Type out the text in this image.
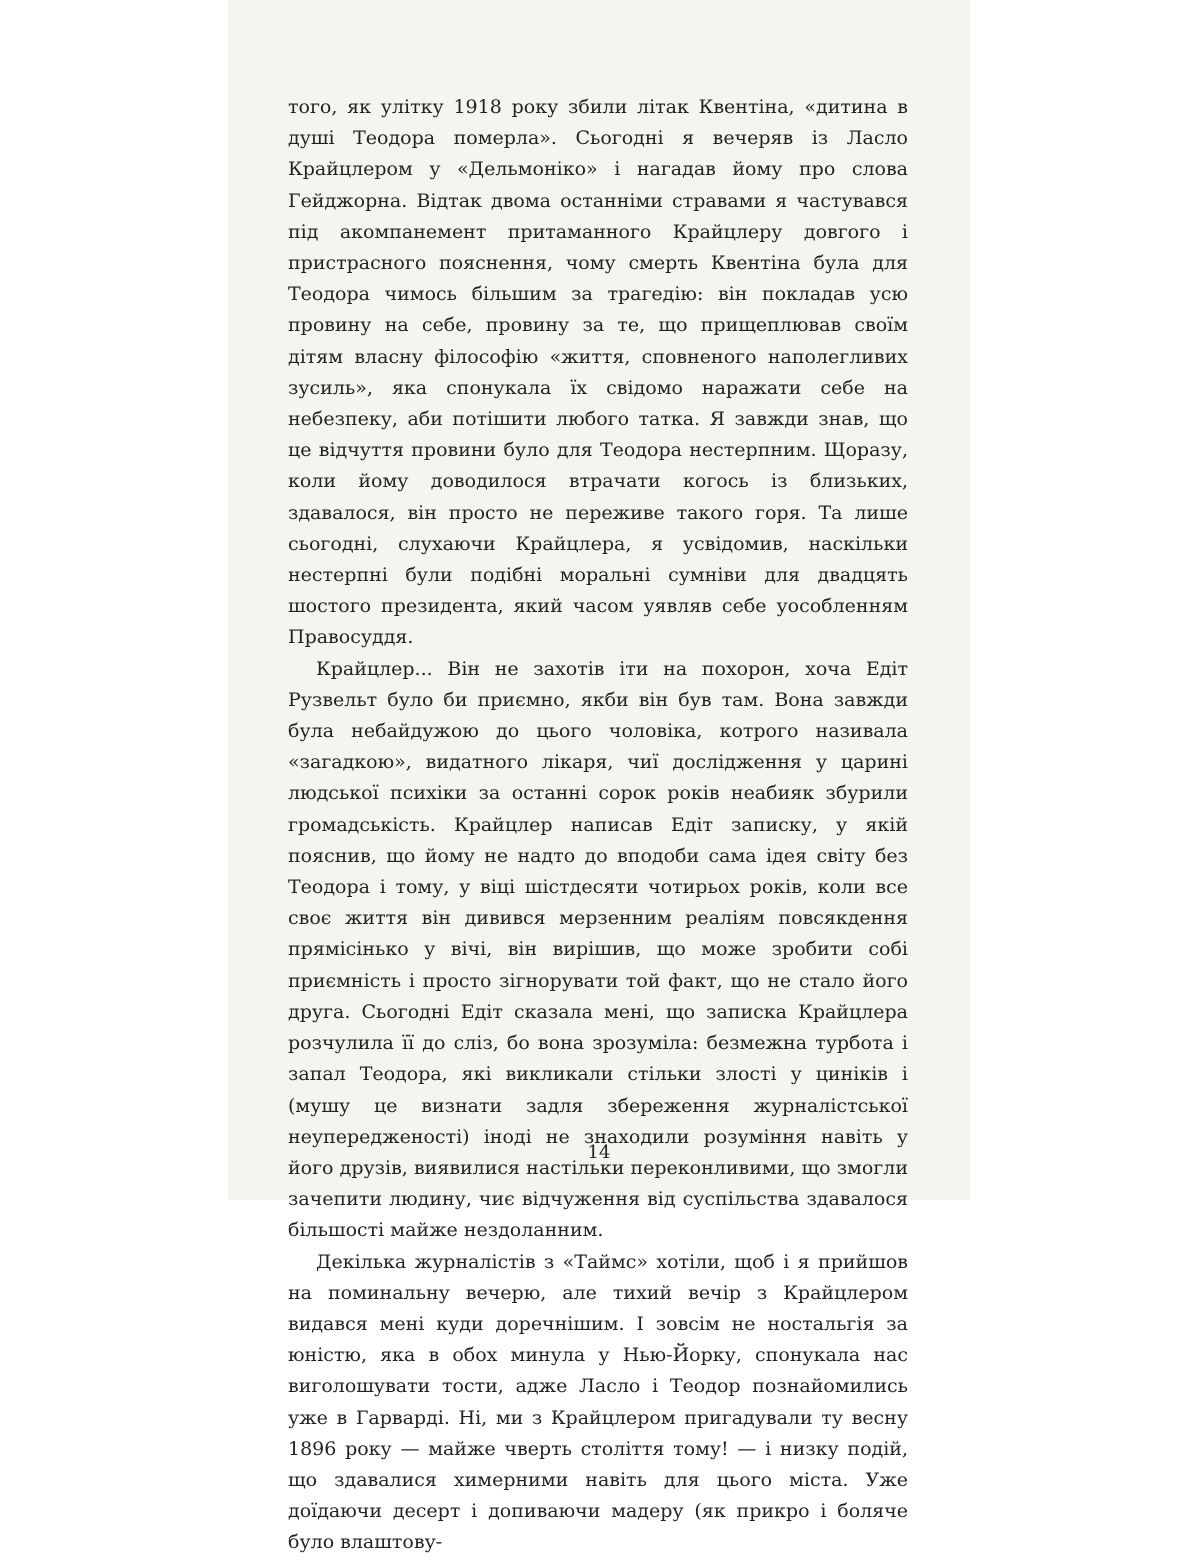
того, як улітку 1918 року збили літак Квентіна, «дитина в душі Теодора померла». Сьогодні я вечеряв із Ласло Крайцлером у «Дельмоніко» і нагадав йому про слова Гейджорна. Відтак двома останніми стравами я частувався під акомпанемент притаманного Крайцлеру довгого і пристрасного пояснення, чому смерть Квентіна була для Теодора чимось більшим за трагедію: він покладав усю провину на себе, провину за те, що прищеплював своїм дітям власну філософію «життя, сповненого наполегливих зусиль», яка спонукала їх свідомо наражати себе на небезпеку, аби потішити любого татка. Я завжди знав, що це відчуття провини було для Теодора нестерпним. Щоразу, коли йому доводилося втрачати когось із близьких, здавалося, він просто не переживе такого горя. Та лише сьогодні, слухаючи Крайцлера, я усвідомив, наскільки нестерпні були подібні моральні сумніви для двадцять шостого президента, який часом уявляв себе уособленням Правосуддя.

Крайцлер... Він не захотів іти на похорон, хоча Едіт Рузвельт було би приємно, якби він був там. Вона завжди була небайдужою до цього чоловіка, котрого називала «загадкою», видатного лікаря, чиї дослідження у царині людської психіки за останні сорок років неабияк збурили громадськість. Крайцлер написав Едіт записку, у якій пояснив, що йому не надто до вподоби сама ідея світу без Теодора і тому, у віці шістдесяти чотирьох років, коли все своє життя він дивився мерзенним реаліям повсякдення прямісінько у вічі, він вирішив, що може зробити собі приємність і просто зігнорувати той факт, що не стало його друга. Сьогодні Едіт сказала мені, що записка Крайцлера розчулила її до сліз, бо вона зрозуміла: безмежна турбота і запал Теодора, які викликали стільки злості у циніків і (мушу це визнати задля збереження журналістської неупередженості) іноді не знаходили розуміння навіть у його друзів, виявилися настільки переконливими, що змогли зачепити людину, чиє відчуження від суспільства здавалося більшості майже нездоланним.

Декілька журналістів з «Таймс» хотіли, щоб і я прийшов на поминальну вечерю, але тихий вечір з Крайцлером видався мені куди доречнішим. І зовсім не ностальгія за юністю, яка в обох минула у Нью-Йорку, спонукала нас виголошувати тости, адже Ласло і Теодор познайомились уже в Гарварді. Ні, ми з Крайцлером пригадували ту весну 1896 року — майже чверть століття тому! — і низку подій, що здавалися химерними навіть для цього міста. Уже доїдаючи десерт і допиваючи мадеру (як прикро і боляче було влаштову-

14
